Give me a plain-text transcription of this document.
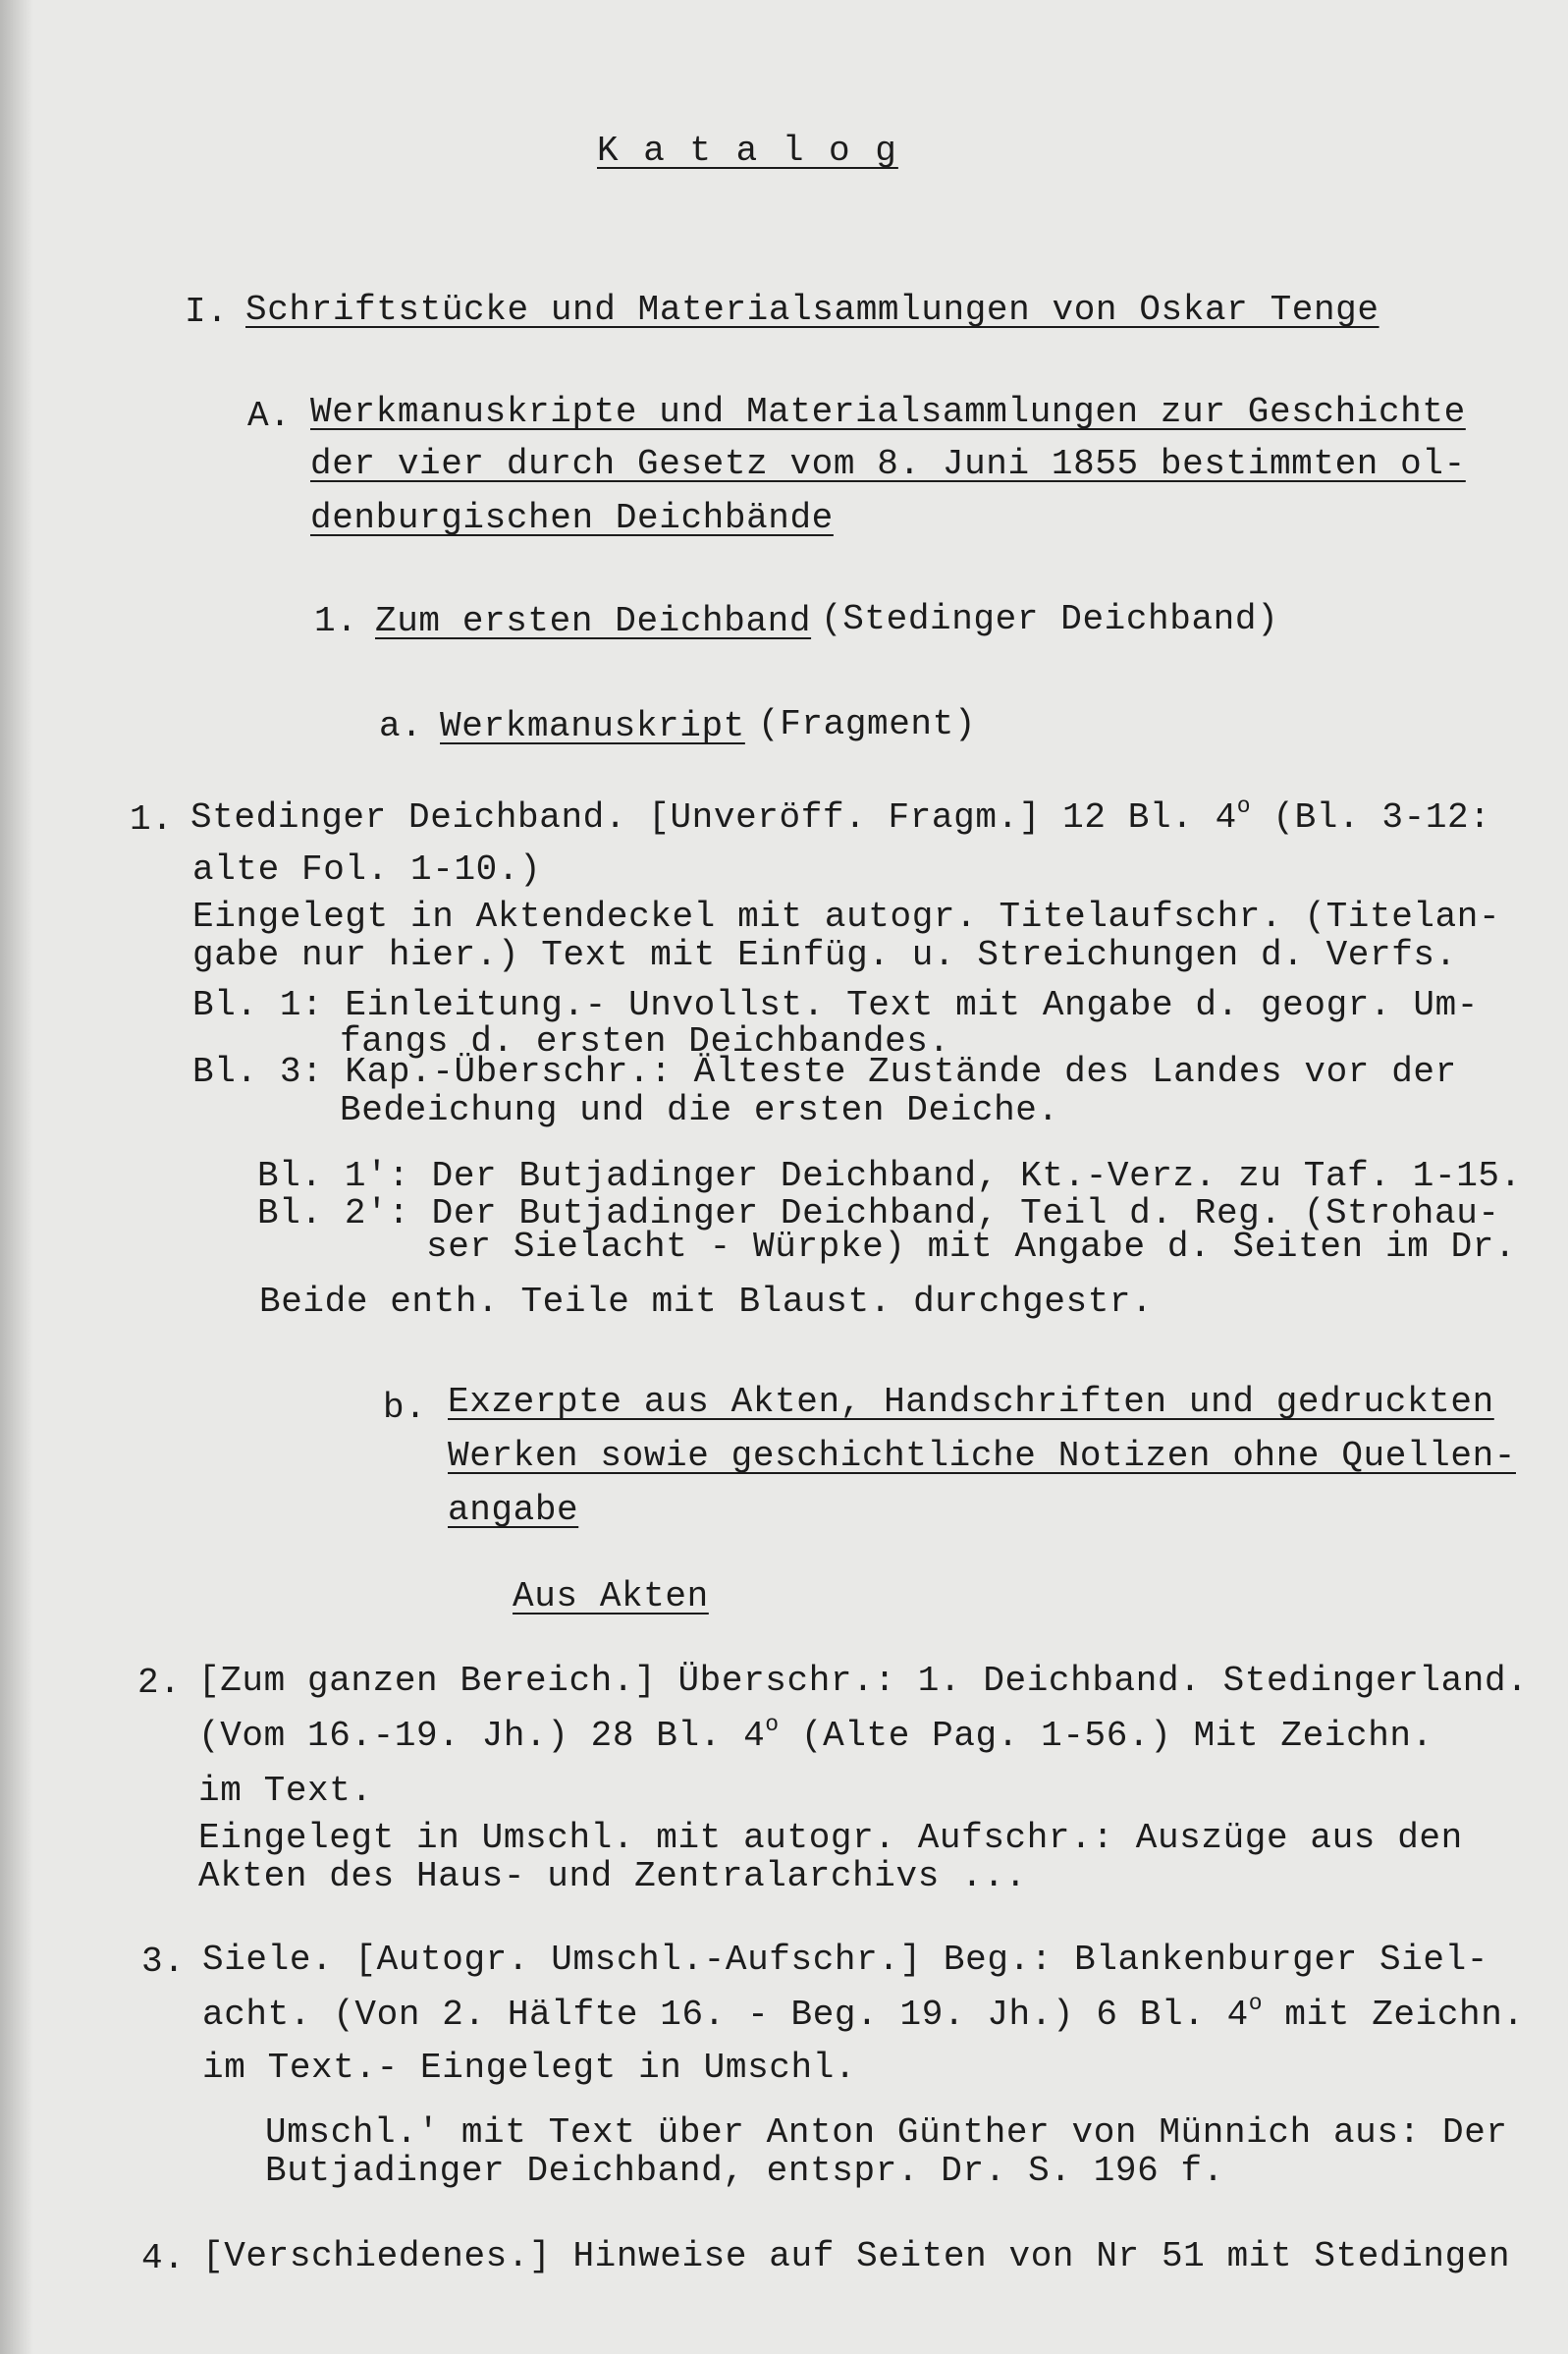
K a t a l o g
I. Schriftstücke und Materialsammlungen von Oskar Tenge
A. Werkmanuskripte und Materialsammlungen zur Geschichte
der vier durch Gesetz vom 8. Juni 1855 bestimmten ol-
denburgischen Deichbände
1. Zum ersten Deichband (Stedinger Deichband)
a. Werkmanuskript (Fragment)
1. Stedinger Deichband. [Unveröff. Fragm.] 12 Bl. 4$^o$ (Bl. 3-12:
alte Fol. 1-10.)
Eingelegt in Aktendeckel mit autogr. Titelaufschr. (Titelan-
gabe nur hier.) Text mit Einfüg. u. Streichungen d. Verfs.
Bl. 1: Einleitung.- Unvollst. Text mit Angabe d. geogr. Um-
fangs d. ersten Deichbandes.
Bl. 3: Kap.-Überschr.: Älteste Zustände des Landes vor der
Bedeichung und die ersten Deiche.
Bl. 1': Der Butjadinger Deichband, Kt.-Verz. zu Taf. 1-15.
Bl. 2': Der Butjadinger Deichband, Teil d. Reg. (Strohau-
ser Sielacht - Würpke) mit Angabe d. Seiten im Dr.
Beide enth. Teile mit Blaust. durchgestr.
b. Exzerpte aus Akten, Handschriften und gedruckten
Werken sowie geschichtliche Notizen ohne Quellen-
angabe
Aus Akten
2. [Zum ganzen Bereich.] Überschr.: 1. Deichband. Stedingerland.
(Vom 16.-19. Jh.) 28 Bl. 4$^o$ (Alte Pag. 1-56.) Mit Zeichn.
im Text.
Eingelegt in Umschl. mit autogr. Aufschr.: Auszüge aus den
Akten des Haus- und Zentralarchivs ...
3. Siele. [Autogr. Umschl.-Aufschr.] Beg.: Blankenburger Siel-
acht. (Von 2. Hälfte 16. - Beg. 19. Jh.) 6 Bl. 4$^o$ mit Zeichn.
im Text.- Eingelegt in Umschl.
Umschl.' mit Text über Anton Günther von Münnich aus: Der
Butjadinger Deichband, entspr. Dr. S. 196 f.
4. [Verschiedenes.] Hinweise auf Seiten von Nr 51 mit Stedingen
